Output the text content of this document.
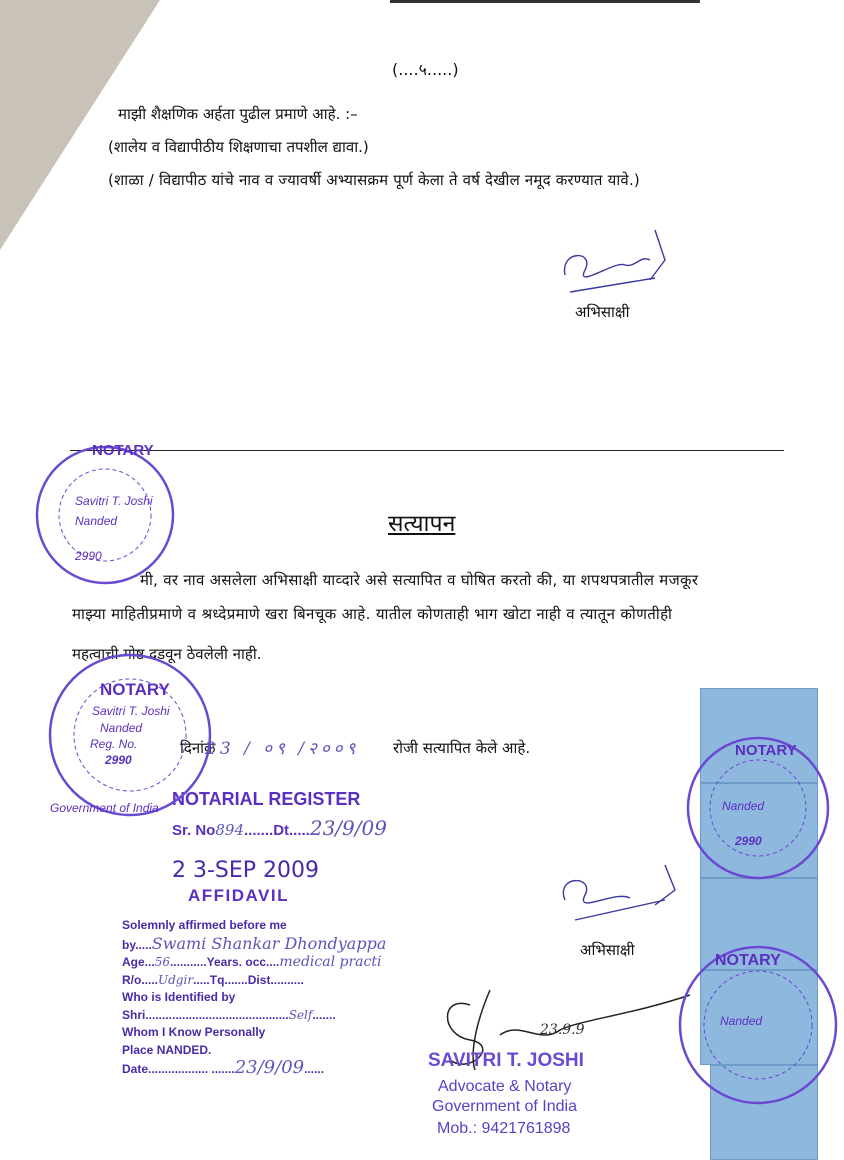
(....५.....)
माझी शैक्षणिक अर्हता पुढील प्रमाणे आहे. :–
(शालेय व विद्यापीठीय शिक्षणाचा तपशील द्यावा.)
(शाळा / विद्यापीठ यांचे नाव व ज्यावर्षी अभ्यासक्रम पूर्ण केला ते वर्ष देखील नमूद करण्यात यावे.)
अभिसाक्षी
सत्यापन
मी, वर नाव असलेला अभिसाक्षी याव्दारे असे सत्यापित व घोषित करतो की, या शपथपत्रातील मजकूर
माझ्या माहितीप्रमाणे व श्रध्देप्रमाणे खरा बिनचूक आहे. यातील कोणताही भाग खोटा नाही व त्यातून कोणतीही
महत्वाची गोष्ट दडवून ठेवलेली नाही.
दिनांक
23 / ०९ /२००९ रोजी सत्यापित केले आहे.
NOTARIAL REGISTER
Sr. No894.......Dt.....23/9/09
2 3-SEP 2009
AFFIDAVIL
Solemnly affirmed before me
by.....Swami Shankar Dhondyappa
Age...56...........Years. occ....medical practi
R/o.....Udgir.....Tq.......Dist..........
Who is Identified by
Shri...........................................Self.......
Whom I Know Personally
Place NANDED.
Date.................. .......23/9/09......
अभिसाक्षी
23.9.9
SAVITRI T. JOSHI
Advocate & Notary
Government of India
Mob.: 9421761898
Savitri T. Joshi
Nanded
2990
Savitri T. Joshi
Nanded
Reg. No.
2990
Government of India	Nanded
2990
Nanded
NOTARY
NOTARY
NOTARY
NOTARY
